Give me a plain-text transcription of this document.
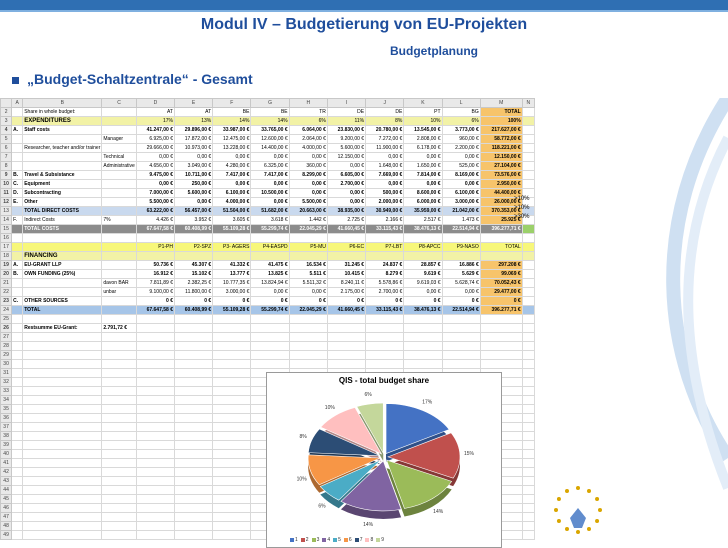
Modul IV – Budgetierung von EU-Projekten
Budgetplanung
„Budget-Schaltzentrale“ - Gesamt
	A	B	C	D	E	F	G	H	I	J	K	L	M	N
2		Share in whole budget:		AT	AT	BE	BE	TR	DE	DE	PT	BG	TOTAL	
3		EXPENDITURES		17%	13%	14%	14%	6%	11%	8%	10%	6%	100%	
4	A.	Staff costs		41.247,00 €	29.896,00 €	33.987,00 €	33.765,00 €	6.064,00 €	23.830,00 €	20.780,00 €	13.545,00 €	3.773,00 €	217.627,00 €	
5			Manager	6.925,00 €	17.872,00 €	12.475,00 €	12.600,00 €	2.064,00 €	9.200,00 €	7.272,00 €	2.808,00 €	960,00 €	58.772,00 €	
6		Researcher, teacher and/or trainer		29.666,00 €	10.973,00 €	13.228,00 €	14.400,00 €	4.000,00 €	5.600,00 €	11.900,00 €	6.178,00 €	2.200,00 €	118.221,00 €	
7			Technical	0,00 €	0,00 €	0,00 €	0,00 €	0,00 €	12.150,00 €	0,00 €	0,00 €	0,00 €	12.150,00 €	
8			Administrative	4.656,00 €	3.049,00 €	4.280,00 €	6.325,00 €	360,00 €	0,00 €	1.648,00 €	1.650,00 €	525,00 €	27.104,00 €	
9	B.	Travel & Subsistance		9.475,00 €	10.711,00 €	7.417,00 €	7.417,00 €	8.299,00 €	6.605,00 €	7.669,00 €	7.814,00 €	8.169,00 €	73.576,00 €	
10	C.	Equipment		0,00 €	250,00 €	0,00 €	0,00 €	0,00 €	2.700,00 €	0,00 €	0,00 €	0,00 €	2.950,00 €	
11	D.	Subcontracting		7.000,00 €	5.600,00 €	6.100,00 €	10.500,00 €	0,00 €	0,00 €	500,00 €	8.600,00 €	6.100,00 €	44.400,00 €	
12	E.	Other		5.500,00 €	0,00 €	4.000,00 €	0,00 €	5.500,00 €	0,00 €	2.000,00 €	6.000,00 €	3.000,00 €	26.000,00 €	
13		TOTAL DIRECT COSTS		63.222,00 €	56.457,00 €	51.504,00 €	51.682,00 €	20.663,00 €	38.935,00 €	30.949,00 €	35.959,00 €	21.042,00 €	370.353,00 €	
14	F.	Indirect Costs	7%	4.426 €	3.952 €	3.605 €	3.618 €	1.442 €	2.725 €	2.166 €	2.517 €	1.473 €	25.925 €	
15		TOTAL COSTS		67.647,58 €	60.408,99 €	55.109,28 €	55.299,74 €	22.045,29 €	41.660,45 €	33.115,43 €	38.476,13 €	22.514,94 €	396.277,71 €	
16														
17				P1-PH	P2-SPZ	P3- AGERS	P4-EASPD	P5-MU	P6-EC	P7-LBT	P8-APCC	P9-NASO	TOTAL	
18		FINANCING												
19	A.	EU-GRANT LLP		50.736 €	45.307 €	41.332 €	41.475 €	16.534 €	31.245 €	24.837 €	28.857 €	16.886 €	297.208 €	
20	B.	OWN FUNDING (25%)		16.912 €	15.102 €	13.777 €	13.825 €	5.511 €	10.415 €	8.279 €	9.619 €	5.629 €	99.069 €	
21			davon BAR	7.811,89 €	2.382,25 €	10.777,35 €	13.824,94 €	5.511,32 €	8.240,11 €	5.578,86 €	9.619,03 €	5.628,74 €	70.052,43 €	
22			unbar	9.100,00 €	11.800,00 €	3.000,00 €	0,00 €	0,00 €	2.175,00 €	2.700,00 €	0,00 €	0,00 €	29.477,00 €	
23	C.	OTHER SOURCES		0 €	0 €	0 €	0 €	0 €	0 €	0 €	0 €	0 €	0 €	
24		TOTAL		67.647,58 €	60.408,99 €	55.109,28 €	55.299,74 €	22.045,29 €	41.660,45 €	33.115,43 €	38.476,13 €	22.514,94 €	396.277,71 €	
25														
26		Restsumme EU-Grant:	2.791,72 €											
27														
28														
29														
30														
31														
32														
33														
34														
35														
36														
37														
38														
39														
40														
41														
42														
43														
44														
45														
46														
47														
48														
49														
>10%
>10%
>30%
QIS - total budget share
17%
15%
14%
14%
6%
10%
8%
10%
6%
1 2 3 4 5 6 7 8 9
